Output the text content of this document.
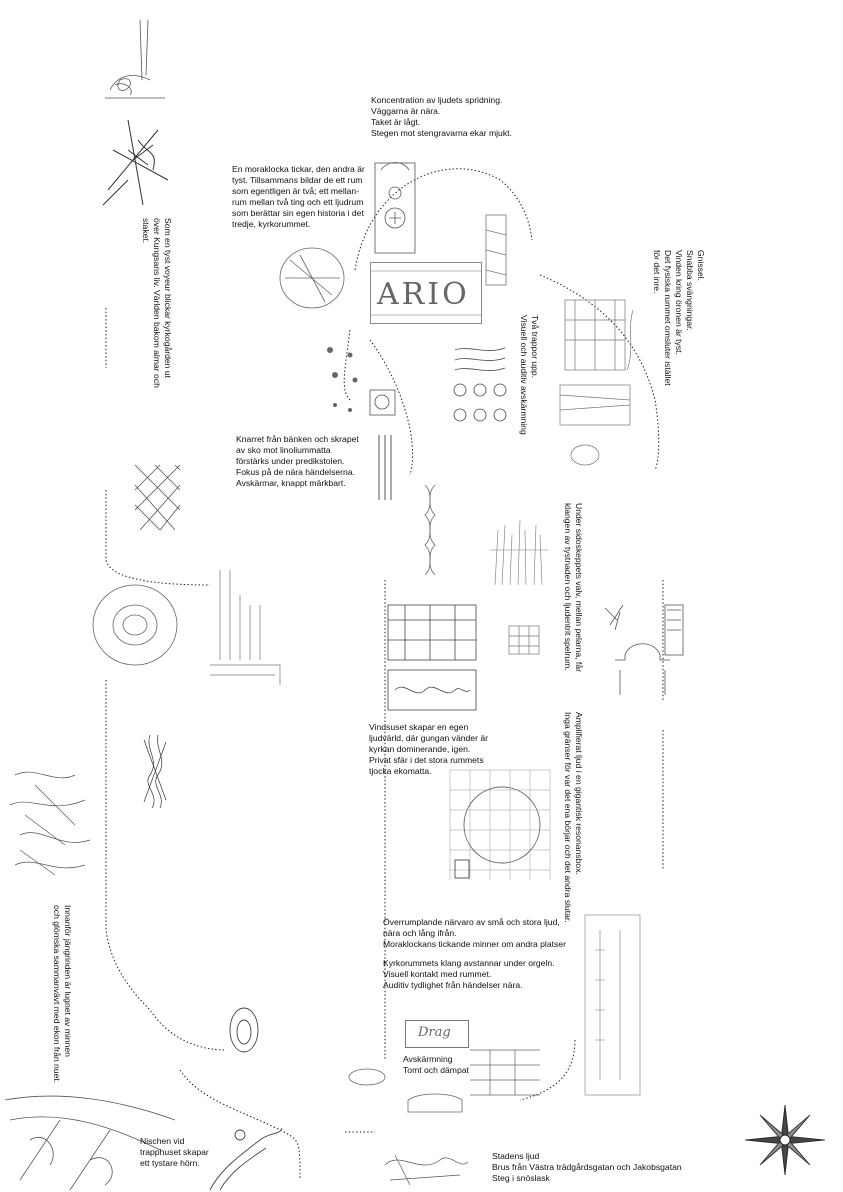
ARIO
Drag
Koncentration av ljudets spridning.
Väggarna är nära.
Taket är lågt.
Stegen mot stengravarna ekar mjukt.
En moraklocka tickar, den andra är
tyst. Tillsammans bildar de ett rum
som egentligen är två; ett mellan-
rum mellan två ting och ett ljudrum
som berättar sin egen historia i det
tredje, kyrkorummet.
Knarret från bänken och skrapet
av sko mot linoliummatta
förstärks under predikstolen.
Fokus på de nära händelserna.
Avskärmar, knappt märkbart.
Vindsuset skapar en egen
ljudvärld, där gungan vänder är
kyrkan dominerande, igen.
Privat sfär i det stora rummets
tjocka ekomatta.
Överrumplande närvaro av små och stora ljud,
nära och lång ifrån.
Moraklockans tickande minner om andra platser
Kyrkorummets klang avstannar under orgeln.
Visuell kontakt med rummet.
Auditiv tydlighet från händelser nära.
Avskärmning
Tomt och dämpat
Stadens ljud
Brus från Västra trädgårdsgatan och Jakobsgatan
Steg i snöslask
Nischen vid
trapphuset skapar
ett tystare hörn.
Som en tyst voyeur blickar kyrkogården ut
över Kungsans liv. Världen bakom almar och
staket.
Två trappor upp.
Visuell och auditiv avskärmning
Gnissel.
Snabba svängningar.
Vinden kring öronen är tyst.
Det fysiska rummet omsluter istället för det inre.
Under sidoskeppets valv, mellan pelarna, får
klangen av tystnaden och ljudentrit spelrum.
Amplifierat ljud i en gigantisk resonansbox.
Inga gränser för var det ena börjar och det andra slutar.
Innanför jängrinden är lugnet av minnen
och glömska sammanvävt med ekon från nuet.
